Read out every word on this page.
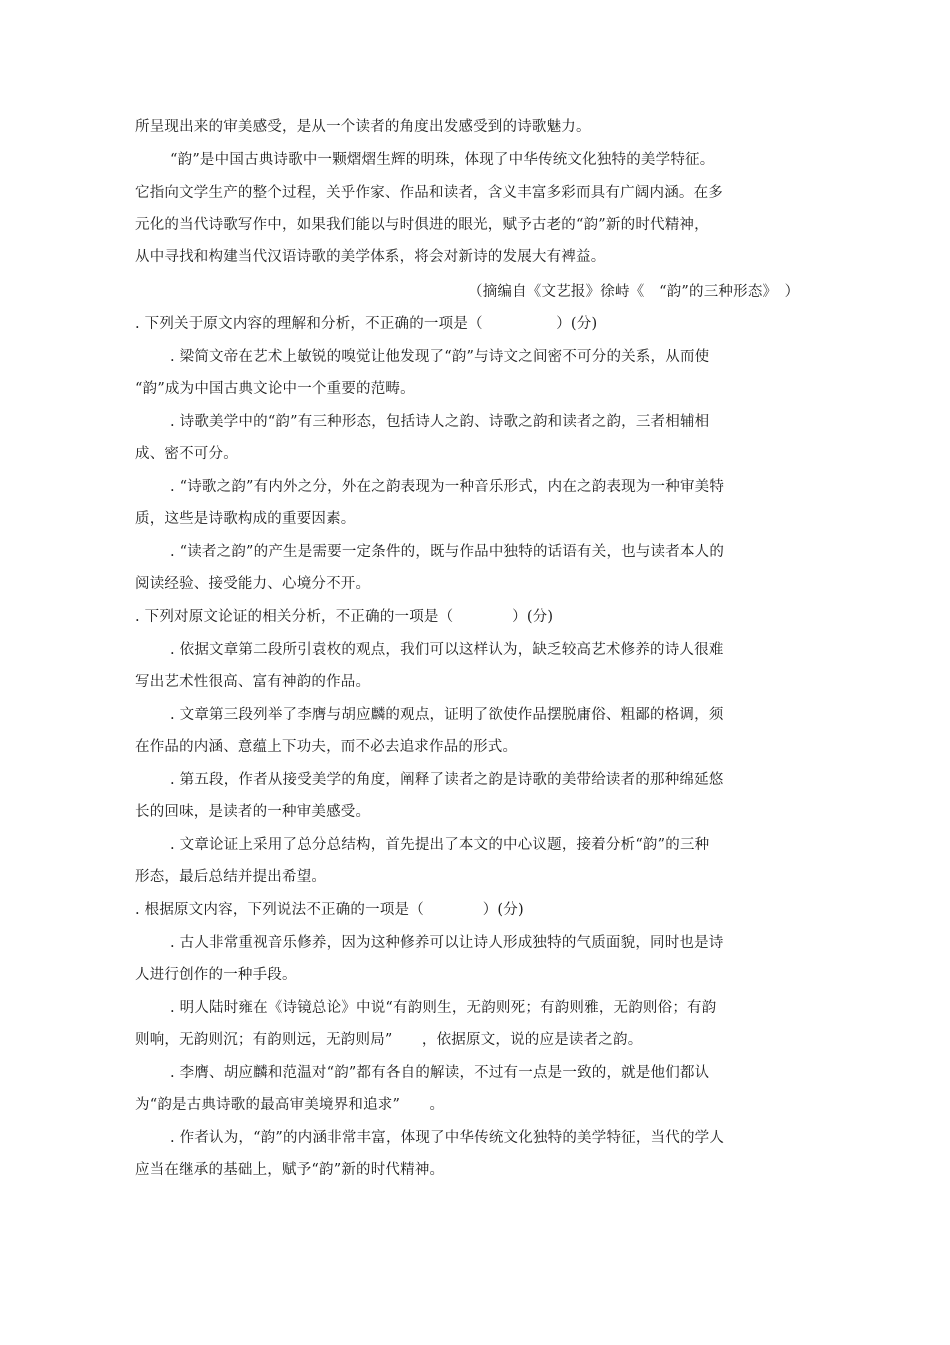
所呈现出来的审美感受，是从一个读者的角度出发感受到的诗歌魅力。
“韵”是中国古典诗歌中一颗熠熠生辉的明珠，体现了中华传统文化独特的美学特征。
它指向文学生产的整个过程，关乎作家、作品和读者，含义丰富多彩而具有广阔内涵。在多
元化的当代诗歌写作中，如果我们能以与时俱进的眼光，赋予古老的“韵”新的时代精神，
从中寻找和构建当代汉语诗歌的美学体系，将会对新诗的发展大有裨益。
（摘编自《文艺报》徐峙《　“韵”的三种形态》　）
. 下列关于原文内容的理解和分析，不正确的一项是（　　　　　）(分)
. 梁简文帝在艺术上敏锐的嗅觉让他发现了“韵”与诗文之间密不可分的关系，从而使
“韵”成为中国古典文论中一个重要的范畴。
. 诗歌美学中的“韵”有三种形态，包括诗人之韵、诗歌之韵和读者之韵，三者相辅相
成、密不可分。
. “诗歌之韵”有内外之分，外在之韵表现为一种音乐形式，内在之韵表现为一种审美特
质，这些是诗歌构成的重要因素。
. “读者之韵”的产生是需要一定条件的，既与作品中独特的话语有关，也与读者本人的
阅读经验、接受能力、心境分不开。
. 下列对原文论证的相关分析，不正确的一项是（　　　　）(分)
. 依据文章第二段所引袁枚的观点，我们可以这样认为，缺乏较高艺术修养的诗人很难
写出艺术性很高、富有神韵的作品。
. 文章第三段列举了李膺与胡应麟的观点，证明了欲使作品摆脱庸俗、粗鄙的格调，须
在作品的内涵、意蕴上下功夫，而不必去追求作品的形式。
. 第五段，作者从接受美学的角度，阐释了读者之韵是诗歌的美带给读者的那种绵延悠
长的回味，是读者的一种审美感受。
. 文章论证上采用了总分总结构，首先提出了本文的中心议题，接着分析“韵”的三种
形态，最后总结并提出希望。
. 根据原文内容，下列说法不正确的一项是（　　　　）(分)
. 古人非常重视音乐修养，因为这种修养可以让诗人形成独特的气质面貌，同时也是诗
人进行创作的一种手段。
. 明人陆时雍在《诗镜总论》中说“有韵则生，无韵则死；有韵则雅，无韵则俗；有韵
则响，无韵则沉；有韵则远，无韵则局”　　，依据原文，说的应是读者之韵。
. 李膺、胡应麟和范温对“韵”都有各自的解读，不过有一点是一致的，就是他们都认
为“韵是古典诗歌的最高审美境界和追求”　　。
. 作者认为，“韵”的内涵非常丰富，体现了中华传统文化独特的美学特征，当代的学人
应当在继承的基础上，赋予“韵”新的时代精神。
